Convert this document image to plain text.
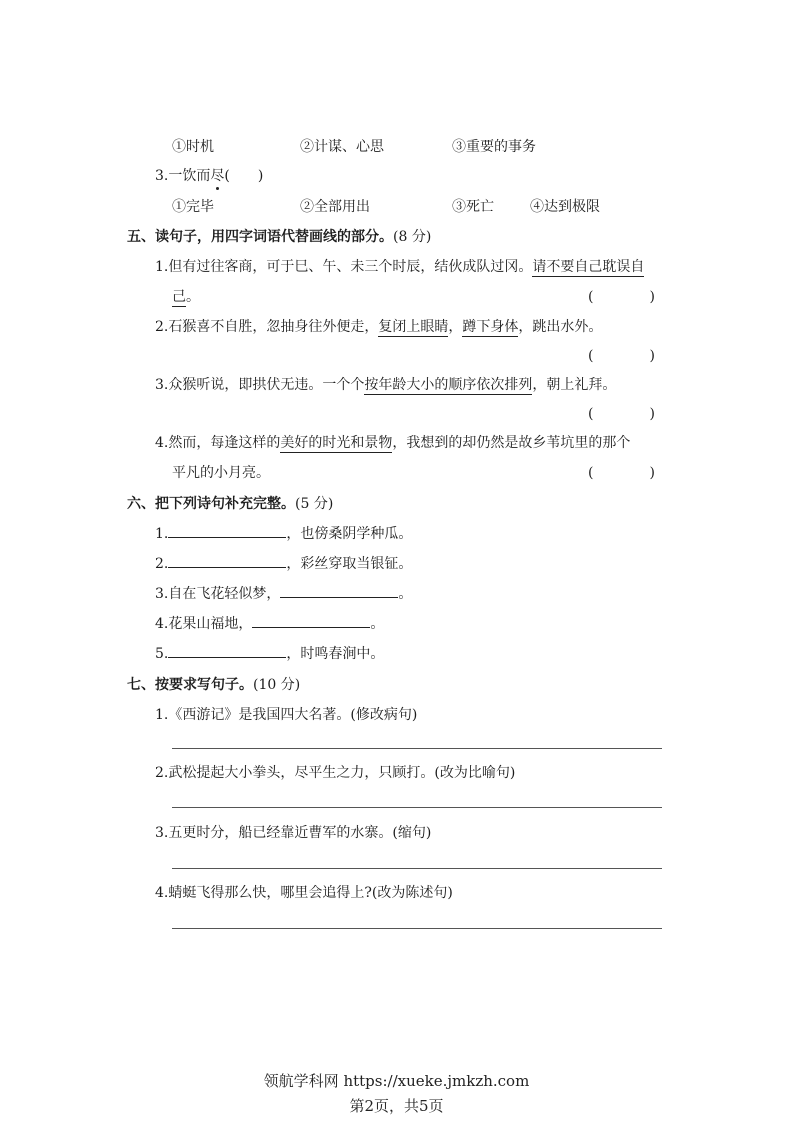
①时机	②计谋、心思	③重要的事务
3.一饮而尽(　　)
①完毕	②全部用出	③死亡	④达到极限
五、读句子，用四字词语代替画线的部分。(8 分)
1.但有过往客商，可于巳、午、未三个时辰，结伙成队过冈。请不要自己耽误自
己。	(　　　　)
2.石猴喜不自胜，忽抽身往外便走，复闭上眼睛，蹲下身体，跳出水外。
(　　　　)
3.众猴听说，即拱伏无违。一个个按年龄大小的顺序依次排列，朝上礼拜。
(　　　　)
4.然而，每逢这样的美好的时光和景物，我想到的却仍然是故乡苇坑里的那个
平凡的小月亮。	(　　　　)
六、把下列诗句补充完整。(5 分)
1.	，也傍桑阴学种瓜。
2.	，彩丝穿取当银钲。
3.自在飞花轻似梦，	。
4.花果山福地，	。
5.	，时鸣春涧中。
七、按要求写句子。(10 分)
1.《西游记》是我国四大名著。(修改病句)
2.武松提起大小拳头，尽平生之力，只顾打。(改为比喻句)
3.五更时分，船已经靠近曹军的水寨。(缩句)
4.蜻蜓飞得那么快，哪里会追得上?(改为陈述句)
领航学科网 https://xueke.jmkzh.com
第2页，共5页
